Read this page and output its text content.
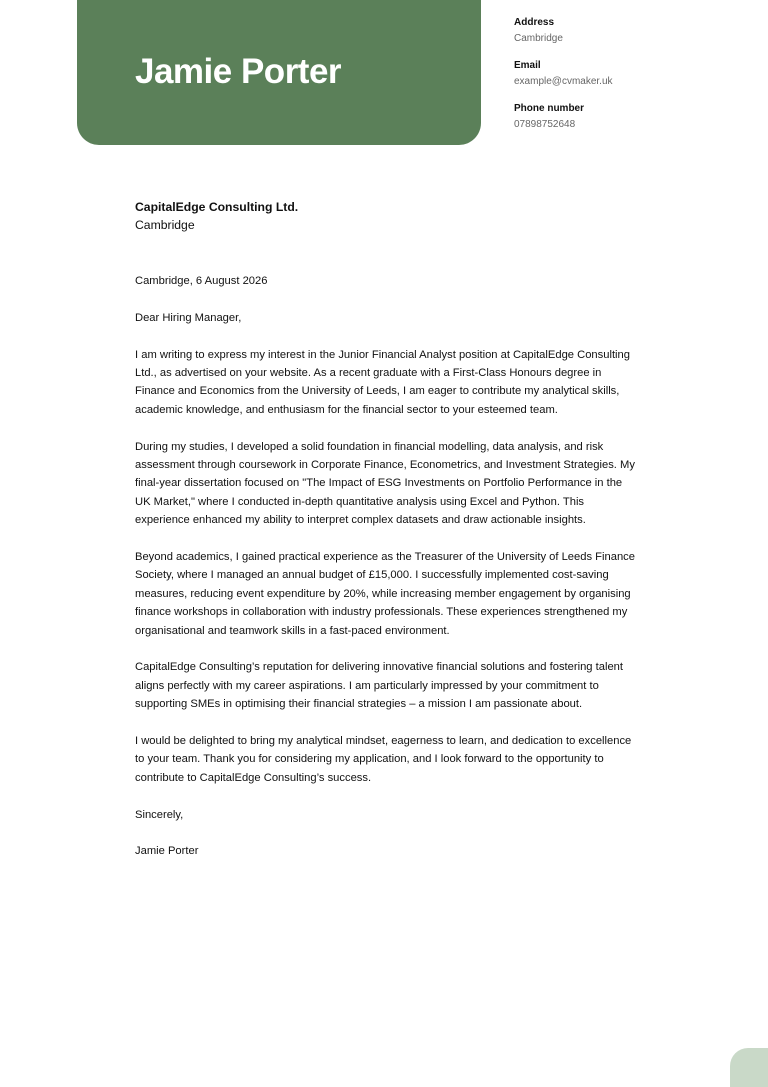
Jamie Porter
Address
Cambridge
Email
example@cvmaker.uk
Phone number
07898752648
CapitalEdge Consulting Ltd.
Cambridge
Cambridge, 6 August 2026
Dear Hiring Manager,

I am writing to express my interest in the Junior Financial Analyst position at CapitalEdge Consulting Ltd., as advertised on your website. As a recent graduate with a First-Class Honours degree in Finance and Economics from the University of Leeds, I am eager to contribute my analytical skills, academic knowledge, and enthusiasm for the financial sector to your esteemed team.

During my studies, I developed a solid foundation in financial modelling, data analysis, and risk assessment through coursework in Corporate Finance, Econometrics, and Investment Strategies. My final-year dissertation focused on "The Impact of ESG Investments on Portfolio Performance in the UK Market," where I conducted in-depth quantitative analysis using Excel and Python. This experience enhanced my ability to interpret complex datasets and draw actionable insights.

Beyond academics, I gained practical experience as the Treasurer of the University of Leeds Finance Society, where I managed an annual budget of £15,000. I successfully implemented cost-saving measures, reducing event expenditure by 20%, while increasing member engagement by organising finance workshops in collaboration with industry professionals. These experiences strengthened my organisational and teamwork skills in a fast-paced environment.

CapitalEdge Consulting’s reputation for delivering innovative financial solutions and fostering talent aligns perfectly with my career aspirations. I am particularly impressed by your commitment to supporting SMEs in optimising their financial strategies – a mission I am passionate about.

I would be delighted to bring my analytical mindset, eagerness to learn, and dedication to excellence to your team. Thank you for considering my application, and I look forward to the opportunity to contribute to CapitalEdge Consulting’s success.

Sincerely,
Jamie Porter
